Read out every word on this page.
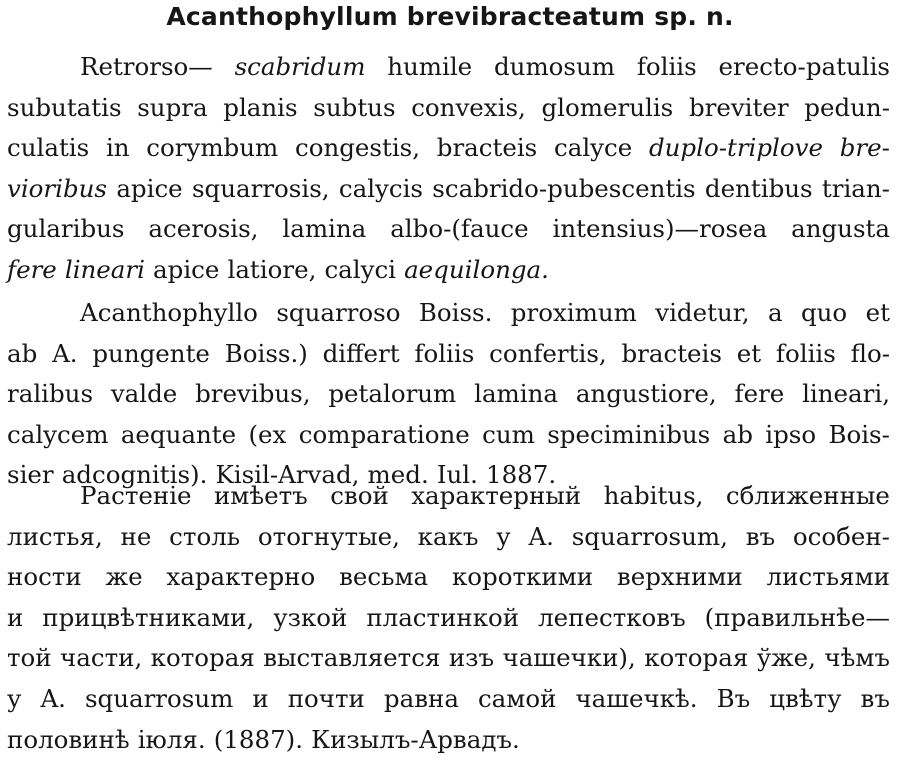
Acanthophyllum brevibracteatum sp. n.
Retrorso— scabridum humile dumosum foliis erecto-patulis
subutatis supra planis subtus convexis, glomerulis breviter pedun-
culatis in corymbum congestis, bracteis calyce duplo-triplove bre-
vioribus apice squarrosis, calycis scabrido-pubescentis dentibus trian-
gularibus acerosis, lamina albo-(fauce intensius)—rosea angusta
fere lineari apice latiore, calyci aequilonga.
Acanthophyllo squarroso Boiss. proximum videtur, a quo et
ab A. pungente Boiss.) differt foliis confertis, bracteis et foliis flo-
ralibus valde brevibus, petalorum lamina angustiore, fere lineari,
calycem aequante (ex comparatione cum speciminibus ab ipso Bois-
sier adcognitis). Kisil-Arvad, med. Iul. 1887.
Растенie имѣетъ свой характерный habitus, сближенные
листья, не столь отогнутые, какъ у A. squarrosum, въ особен-
ности же характерно весьма короткими верхними листьями
и прицвѣтниками, узкой пластинкой лепестковъ (правильнѣе—
той части, которая выставляется изъ чашечки), которая ўже, чѣмъ
у A. squarrosum и почти равна самой чашечкѣ. Въ цвѣту въ
половинѣ iюля. (1887). Кизылъ-Арвадъ.
